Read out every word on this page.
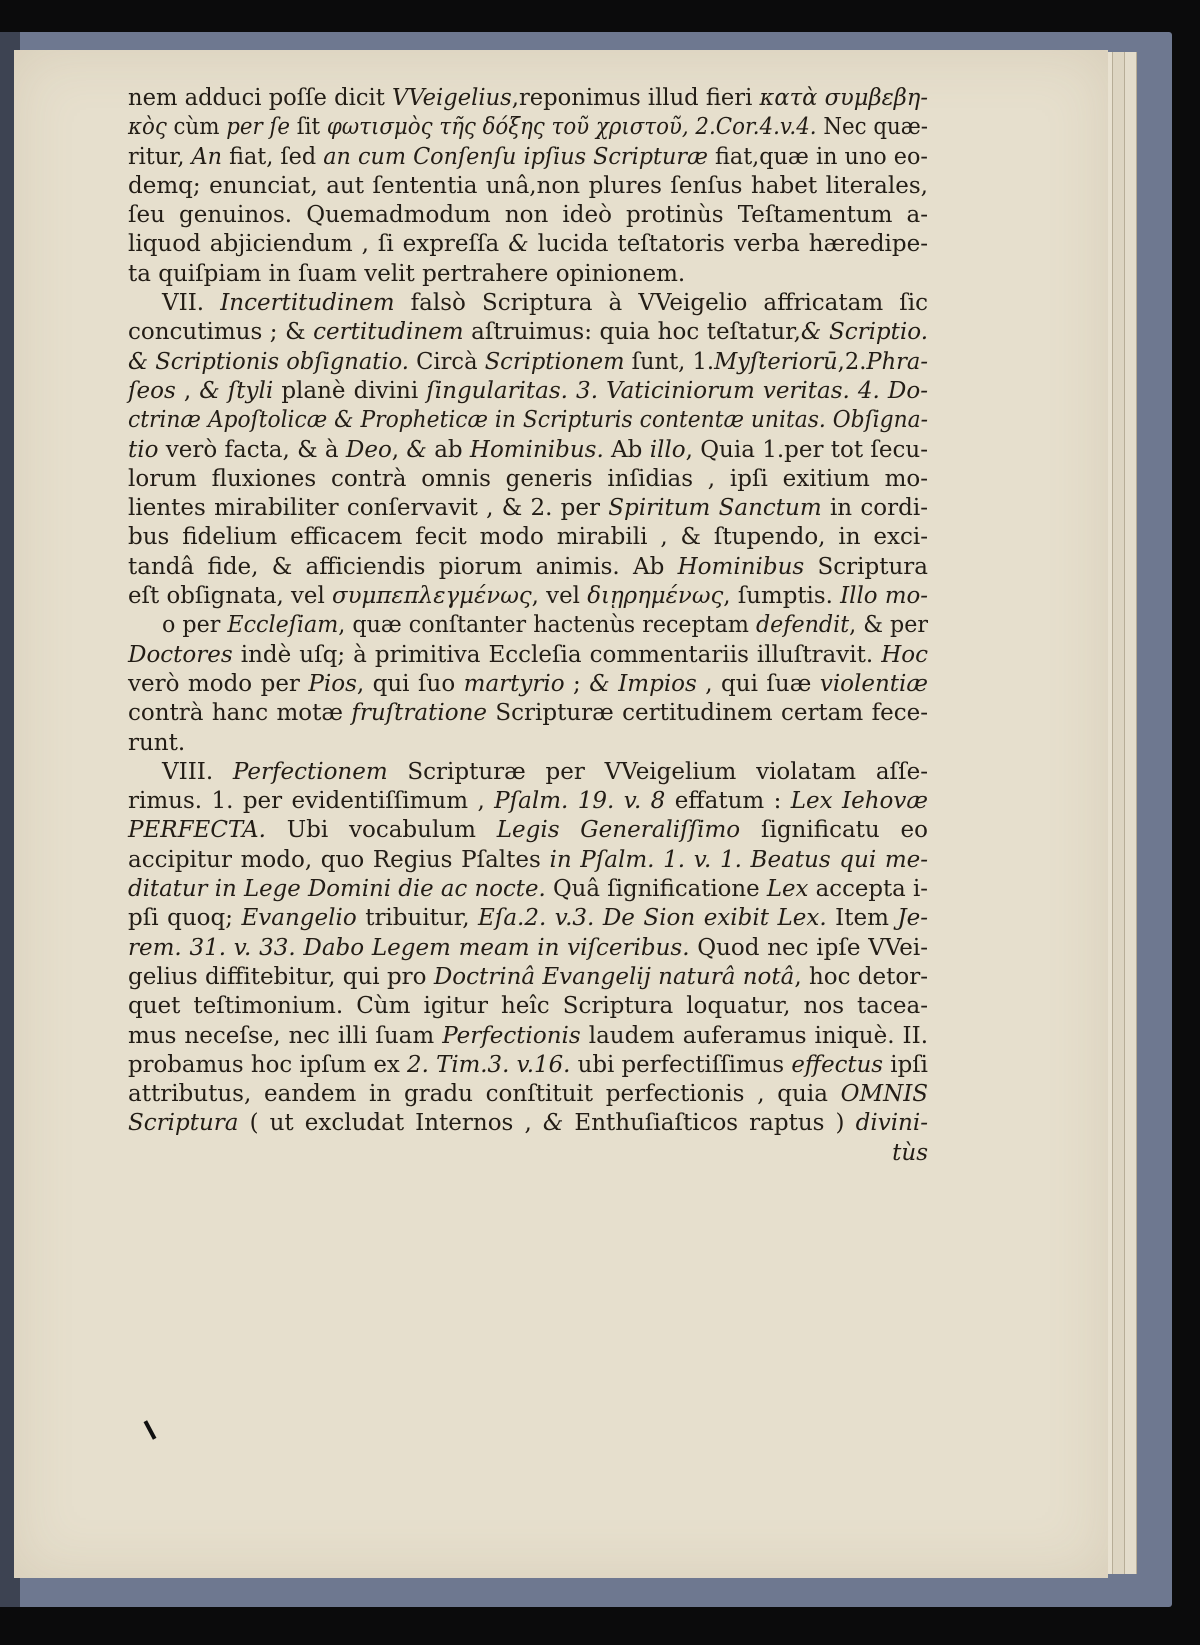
nem adduci poſſe dicit VVeigelius,reponimus illud fieri κατὰ συμβεβη-
κὸς cùm per ſe ſit φωτισμὸς τῆς δόξης τοῦ χριστοῦ, 2.Cor.4.v.4. Nec quæ-
ritur, An fiat, ſed an cum Conſenſu ipſius Scripturæ fiat,quæ in uno eo-
demq; enunciat, aut ſententia unâ,non plures ſenſus habet literales,
ſeu genuinos. Quemadmodum non ideò protinùs Teſtamentum a-
liquod abjiciendum , ſi expreſſa & lucida teſtatoris verba hæredipe-
ta quiſpiam in ſuam velit pertrahere opinionem.
VII. Incertitudinem falsò Scriptura à VVeigelio affricatam ſic
concutimus ; & certitudinem aſtruimus: quia hoc teſtatur,& Scriptio.
& Scriptionis obſignatio. Circà Scriptionem ſunt, 1.Myſteriorū,2.Phra-
ſeos , & ſtyli planè divini ſingularitas. 3. Vaticiniorum veritas. 4. Do-
ctrinæ Apoſtolicæ & Propheticæ in Scripturis contentæ unitas. Obſigna-
tio verò facta, & à Deo, & ab Hominibus. Ab illo, Quia 1.per tot ſecu-
lorum fluxiones contrà omnis generis inſidias , ipſi exitium mo-
lientes mirabiliter conſervavit , & 2. per Spiritum Sanctum in cordi-
bus fidelium efficacem fecit modo mirabili , & ſtupendo, in exci-
tandâ fide, & afficiendis piorum animis. Ab Hominibus Scriptura
eſt obſignata, vel συμπεπλεγμένως, vel διῃρημένως, ſumptis. Illo mo-
o per Eccleſiam, quæ conſtanter hactenùs receptam defendit, & per
Doctores indè uſq; à primitiva Eccleſia commentariis illuſtravit. Hoc
verò modo per Pios, qui ſuo martyrio ; & Impios , qui ſuæ violentiæ
contrà hanc motæ fruſtratione Scripturæ certitudinem certam fece-
runt.
VIII. Perfectionem Scripturæ per VVeigelium violatam aſſe-
rimus. 1. per evidentiſſimum , Pſalm. 19. v. 8 effatum : Lex Iehovæ
PERFECTA. Ubi vocabulum Legis Generaliſſimo ſignificatu eo
accipitur modo, quo Regius Pſaltes in Pſalm. 1. v. 1. Beatus qui me-
ditatur in Lege Domini die ac nocte. Quâ ſignificatione Lex accepta i-
pſi quoq; Evangelio tribuitur, Eſa.2. v.3. De Sion exibit Lex. Item Je-
rem. 31. v. 33. Dabo Legem meam in viſceribus. Quod nec ipſe VVei-
gelius diffitebitur, qui pro Doctrinâ Evangelij naturâ notâ, hoc detor-
quet teſtimonium. Cùm igitur heîc Scriptura loquatur, nos tacea-
mus neceſse, nec illi ſuam Perfectionis laudem auferamus iniquè. II.
probamus hoc ipſum ex 2. Tim.3. v.16. ubi perfectiſſimus effectus ipſi
attributus, eandem in gradu conſtituit perfectionis , quia OMNIS
Scriptura ( ut excludat Internos , & Enthuſiaſticos raptus ) divini-
tùs
